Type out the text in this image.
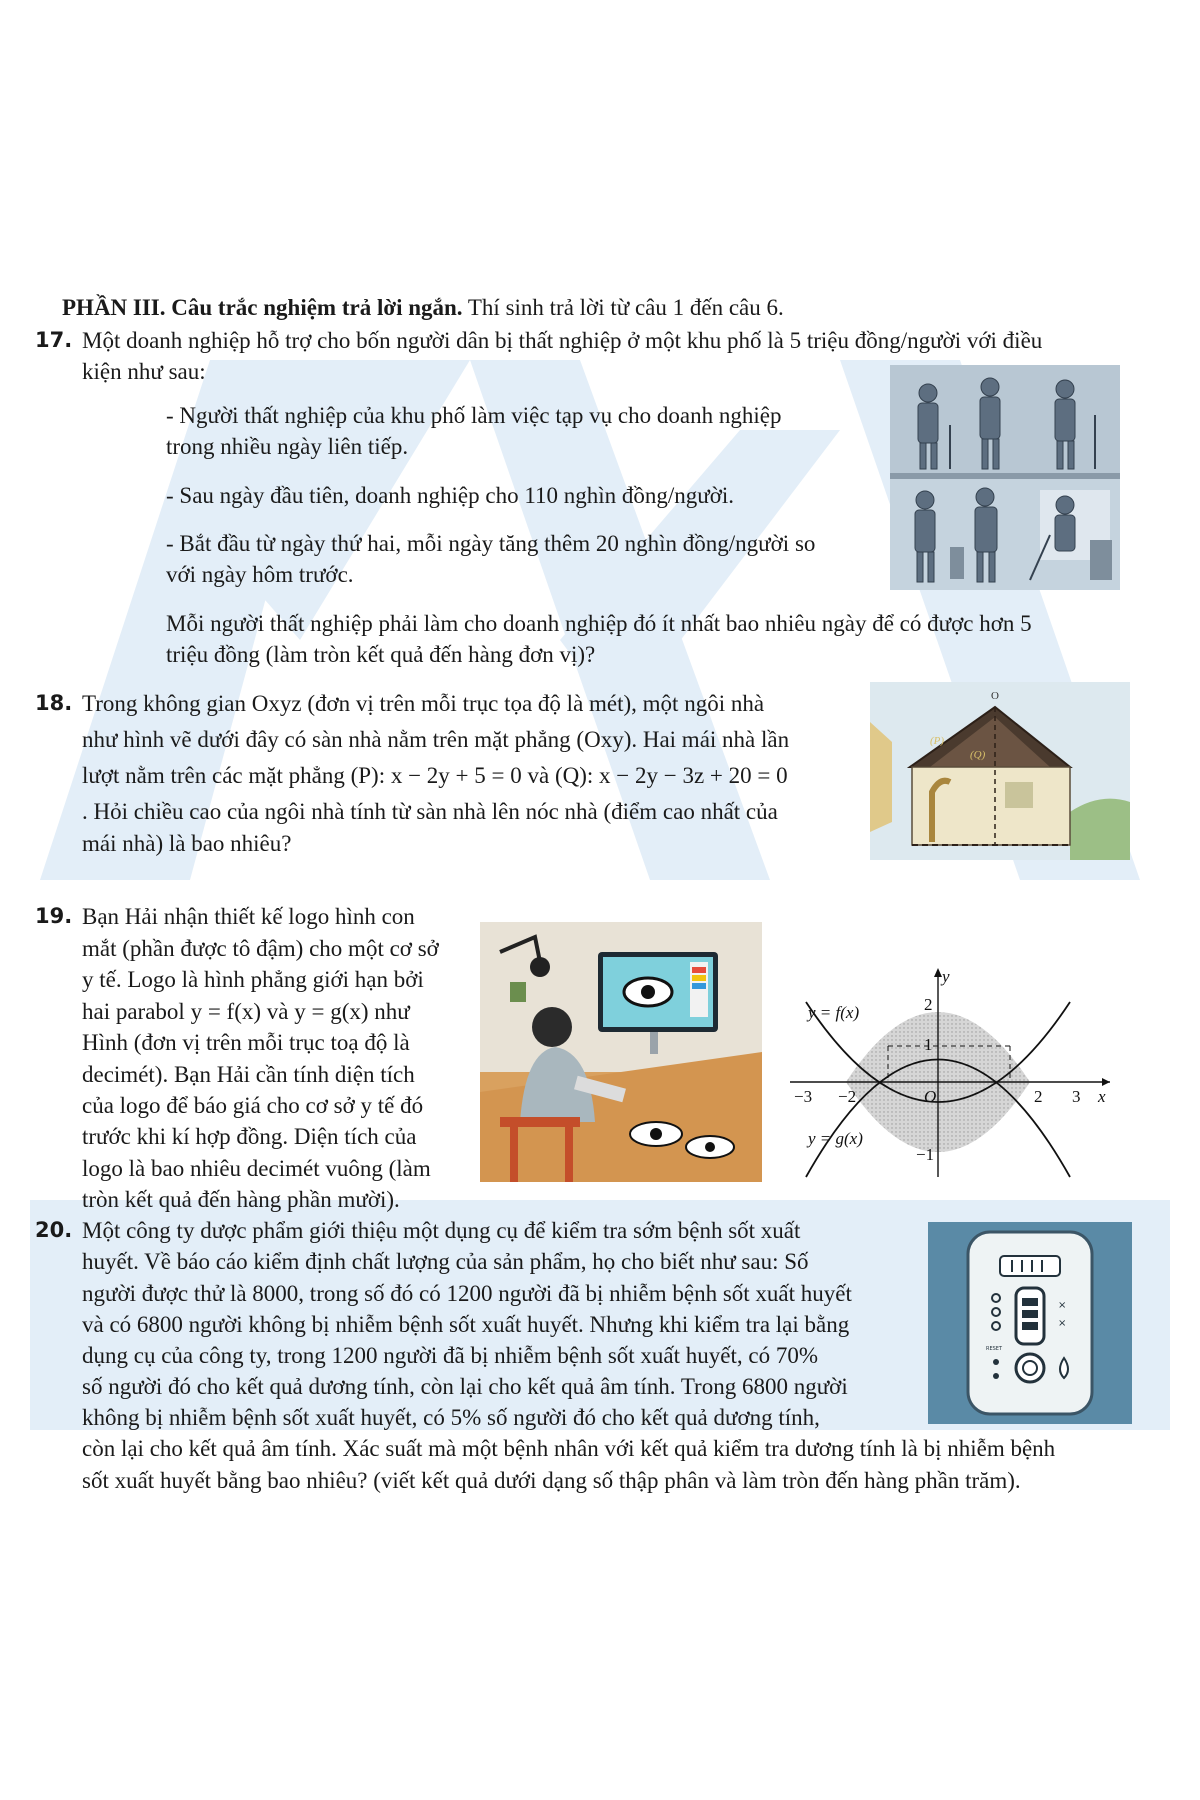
PHẦN III. Câu trắc nghiệm trả lời ngắn. Thí sinh trả lời từ câu 1 đến câu 6.
17. Một doanh nghiệp hỗ trợ cho bốn người dân bị thất nghiệp ở một khu phố là 5 triệu đồng/người với điều
kiện như sau:
- Người thất nghiệp của khu phố làm việc tạp vụ cho doanh nghiệp
trong nhiều ngày liên tiếp.
- Sau ngày đầu tiên, doanh nghiệp cho 110 nghìn đồng/người.
- Bắt đầu từ ngày thứ hai, mỗi ngày tăng thêm 20 nghìn đồng/người so
với ngày hôm trước.
Mỗi người thất nghiệp phải làm cho doanh nghiệp đó ít nhất bao nhiêu ngày để có được hơn 5
triệu đồng (làm tròn kết quả đến hàng đơn vị)?
18. Trong không gian Oxyz (đơn vị trên mỗi trục tọa độ là mét), một ngôi nhà
như hình vẽ dưới đây có sàn nhà nằm trên mặt phẳng (Oxy). Hai mái nhà lần
lượt nằm trên các mặt phẳng (P): x − 2y + 5 = 0 và (Q): x − 2y − 3z + 20 = 0
. Hỏi chiều cao của ngôi nhà tính từ sàn nhà lên nóc nhà (điểm cao nhất của
mái nhà) là bao nhiêu?
O
(P)
(Q)
19. Bạn Hải nhận thiết kế logo hình con
mắt (phần được tô đậm) cho một cơ sở
y tế. Logo là hình phẳng giới hạn bởi
hai parabol y = f(x) và y = g(x) như
Hình (đơn vị trên mỗi trục toạ độ là
decimét). Bạn Hải cần tính diện tích
của logo để báo giá cho cơ sở y tế đó
trước khi kí hợp đồng. Diện tích của
logo là bao nhiêu decimét vuông (làm
tròn kết quả đến hàng phần mười).
y = f(x)
y = g(x)
y
x
−3 −2	O	2 3
2
1
−1
20. Một công ty dược phẩm giới thiệu một dụng cụ để kiểm tra sớm bệnh sốt xuất
huyết. Về báo cáo kiểm định chất lượng của sản phẩm, họ cho biết như sau: Số
người được thử là 8000, trong số đó có 1200 người đã bị nhiễm bệnh sốt xuất huyết
và có 6800 người không bị nhiễm bệnh sốt xuất huyết. Nhưng khi kiểm tra lại bằng
dụng cụ của công ty, trong 1200 người đã bị nhiễm bệnh sốt xuất huyết, có 70%
số người đó cho kết quả dương tính, còn lại cho kết quả âm tính. Trong 6800 người
không bị nhiễm bệnh sốt xuất huyết, có 5% số người đó cho kết quả dương tính,
còn lại cho kết quả âm tính. Xác suất mà một bệnh nhân với kết quả kiểm tra dương tính là bị nhiễm bệnh
sốt xuất huyết bằng bao nhiêu? (viết kết quả dưới dạng số thập phân và làm tròn đến hàng phần trăm).
×
×
RESET
